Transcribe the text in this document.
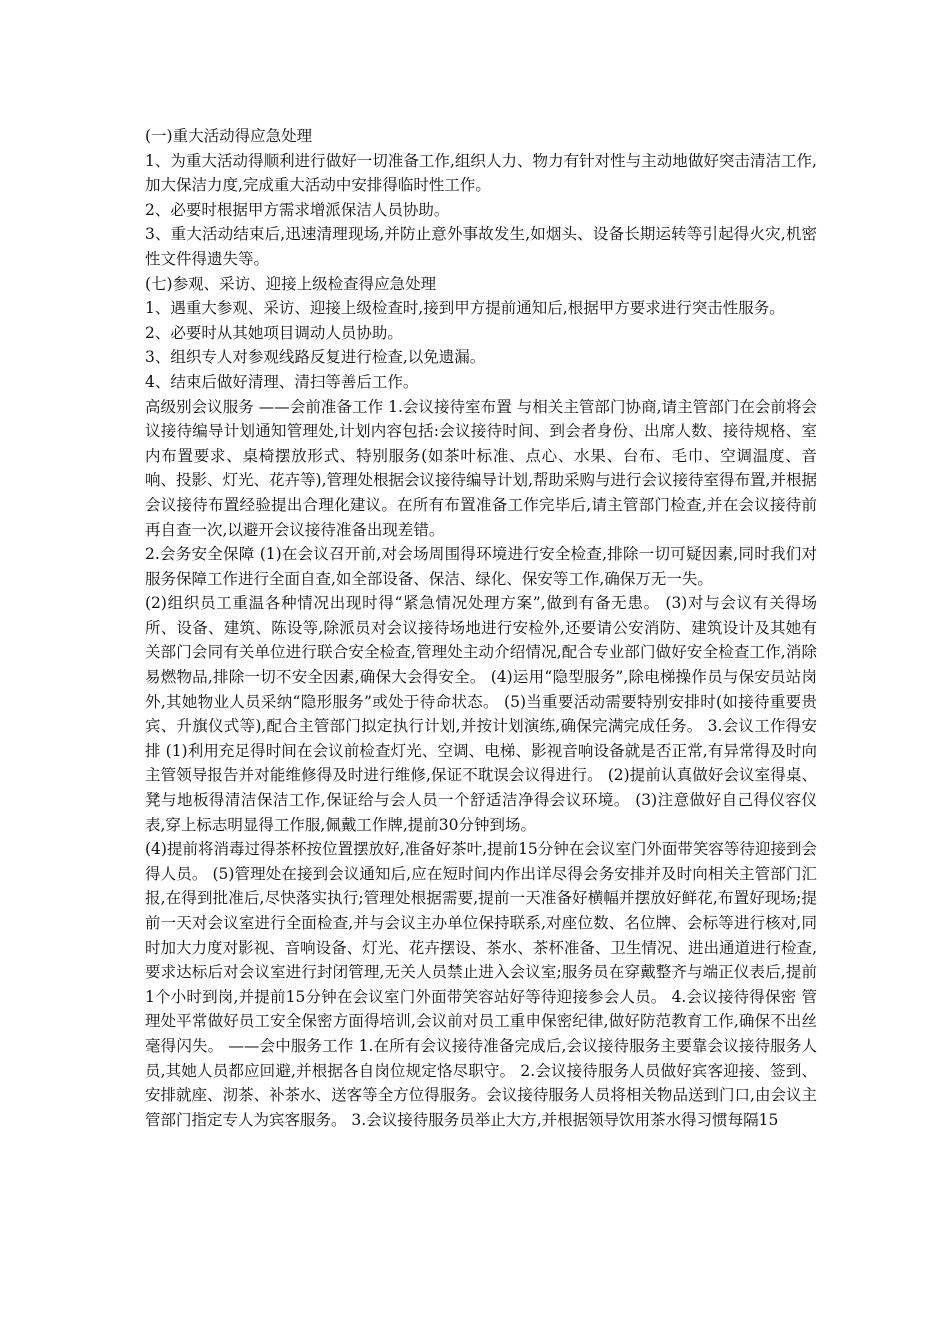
(一)重大活动得应急处理

1、为重大活动得顺利进行做好一切准备工作,组织人力、物力有针对性与主动地做好突击清洁工作,加大保洁力度,完成重大活动中安排得临时性工作。

2、必要时根据甲方需求增派保洁人员协助。

3、重大活动结束后,迅速清理现场,并防止意外事故发生,如烟头、设备长期运转等引起得火灾,机密性文件得遗失等。

(七)参观、采访、迎接上级检查得应急处理

1、遇重大参观、采访、迎接上级检查时,接到甲方提前通知后,根据甲方要求进行突击性服务。

2、必要时从其她项目调动人员协助。

3、组织专人对参观线路反复进行检查,以免遗漏。

4、结束后做好清理、清扫等善后工作。

高级别会议服务 ——会前准备工作 1.会议接待室布置 与相关主管部门协商,请主管部门在会前将会议接待编导计划通知管理处,计划内容包括:会议接待时间、到会者身份、出席人数、接待规格、室内布置要求、桌椅摆放形式、特别服务(如茶叶标准、点心、水果、台布、毛巾、空调温度、音响、投影、灯光、花卉等),管理处根据会议接待编导计划,帮助采购与进行会议接待室得布置,并根据会议接待布置经验提出合理化建议。在所有布置准备工作完毕后,请主管部门检查,并在会议接待前再自查一次,以避开会议接待准备出现差错。

2.会务安全保障 (1)在会议召开前,对会场周围得环境进行安全检查,排除一切可疑因素,同时我们对服务保障工作进行全面自查,如全部设备、保洁、绿化、保安等工作,确保万无一失。

(2)组织员工重温各种情况出现时得“紧急情况处理方案”,做到有备无患。 (3)对与会议有关得场所、设备、建筑、陈设等,除派员对会议接待场地进行安检外,还要请公安消防、建筑设计及其她有关部门会同有关单位进行联合安全检查,管理处主动介绍情况,配合专业部门做好安全检查工作,消除易燃物品,排除一切不安全因素,确保大会得安全。 (4)运用“隐型服务”,除电梯操作员与保安员站岗外,其她物业人员采纳“隐形服务”或处于待命状态。 (5)当重要活动需要特别安排时(如接待重要贵宾、升旗仪式等),配合主管部门拟定执行计划,并按计划演练,确保完满完成任务。 3.会议工作得安排 (1)利用充足得时间在会议前检查灯光、空调、电梯、影视音响设备就是否正常,有异常得及时向主管领导报告并对能维修得及时进行维修,保证不耽误会议得进行。 (2)提前认真做好会议室得桌、凳与地板得清洁保洁工作,保证给与会人员一个舒适洁净得会议环境。 (3)注意做好自己得仪容仪表,穿上标志明显得工作服,佩戴工作牌,提前30分钟到场。

(4)提前将消毒过得茶杯按位置摆放好,准备好茶叶,提前15分钟在会议室门外面带笑容等待迎接到会得人员。 (5)管理处在接到会议通知后,应在短时间内作出详尽得会务安排并及时向相关主管部门汇报,在得到批准后,尽快落实执行;管理处根据需要,提前一天准备好横幅并摆放好鲜花,布置好现场;提前一天对会议室进行全面检查,并与会议主办单位保持联系,对座位数、名位牌、会标等进行核对,同时加大力度对影视、音响设备、灯光、花卉摆设、茶水、茶杯准备、卫生情况、进出通道进行检查,要求达标后对会议室进行封闭管理,无关人员禁止进入会议室;服务员在穿戴整齐与端正仪表后,提前1个小时到岗,并提前15分钟在会议室门外面带笑容站好等待迎接参会人员。 4.会议接待得保密 管理处平常做好员工安全保密方面得培训,会议前对员工重申保密纪律,做好防范教育工作,确保不出丝毫得闪失。 ——会中服务工作 1.在所有会议接待准备完成后,会议接待服务主要靠会议接待服务人员,其她人员都应回避,并根据各自岗位规定恪尽职守。 2.会议接待服务人员做好宾客迎接、签到、安排就座、沏茶、补茶水、送客等全方位得服务。会议接待服务人员将相关物品送到门口,由会议主管部门指定专人为宾客服务。 3.会议接待服务员举止大方,并根据领导饮用茶水得习惯每隔15
